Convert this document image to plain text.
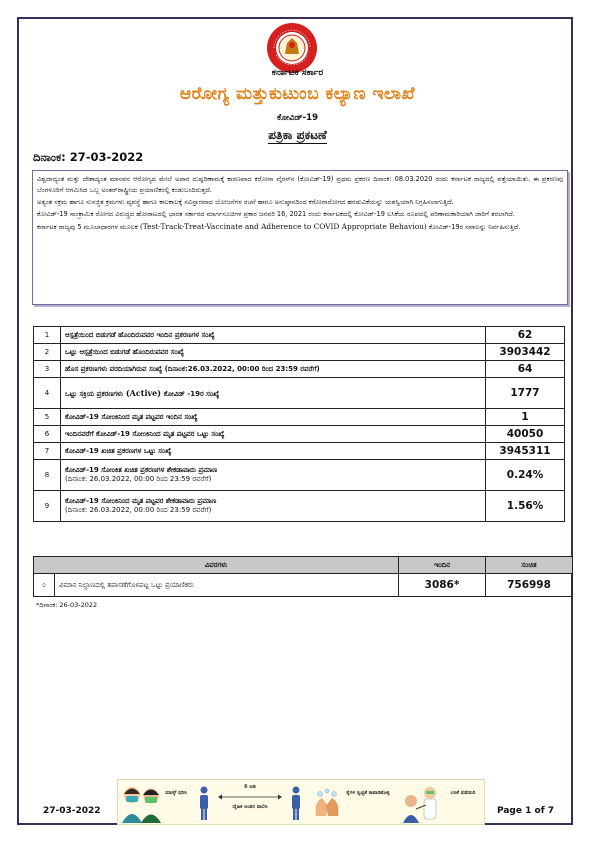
ಕರ್ನಾಟಕ ಸರ್ಕಾರ
ಆರೋಗ್ಯ ಮತ್ತುಕುಟುಂಬ ಕಲ್ಯಾಣ ಇಲಾಖೆ
ಕೋವಿಡ್-19
ಪತ್ರಿಕಾ ಪ್ರಕಟಣೆ
ದಿನಾಂಕ: 27-03-2022

ವಿಶ್ವದಾದ್ಯಂತ ಮತ್ತು ದೇಶಾದ್ಯಂತ ಮಾನವನ ಆರೋಗ್ಯದ ಮೇಲೆ ಅಪಾರ ದುಷ್ಪರಿಣಾಮಕ್ಕೆ ಕಾರಣವಾದ ಕರೋನಾ ವೈರಸ್‌ನ (ಕೋವಿಡ್-19) ಪ್ರಥಮ ಪ್ರಕರಣ ದಿನಾಂಕ: 08.03.2020 ರಂದು ಕರ್ನಾಟಕ ರಾಜ್ಯದಲ್ಲಿ ಪತ್ತೆಯಾಯಿತು. ಈ ಪ್ರಕರಣವು ಬೆಂಗಳೂರಿಗೆ ಆಗಮಿಸಿದ ಒಬ್ಬ ಅಂತರ್‌ರಾಷ್ಟ್ರೀಯ ಪ್ರಯಾಣಿಕರಲ್ಲಿ ಕಂಡುಬಂದಿರುತ್ತದೆ.

ಅತ್ಯಂತ ಸಕ್ರಮ ಹಾಗೂ ಸುಸಜ್ಜಿತ ಕ್ರಮಗಳು ವ್ಯವಸ್ಥೆ ಹಾಗೂ ಕಾಲಕಾಲಕ್ಕೆ ಸವಿಸ್ತಾರವಾದ ಯೋಜನೆಗಳ ರಚನೆ ಹಾಗೂ ಅನುಷ್ಠಾನದಿಂದ ಕರೋನಾರೋಗದ ಹರಡುವಿಕೆಯನ್ನು ಯಶಸ್ವಿಯಾಗಿ ನಿಗ್ರಹಿಸಲಾಗುತ್ತಿದೆ.

ಕೋವಿಡ್-19 ಸಾಂಕ್ರಾಮಿಕ ರೋಗದ ವಿರುದ್ಧದ ಹೋರಾಟದಲ್ಲಿ ಭಾರತ ಸರ್ಕಾರದ ಮಾರ್ಗಸೂಚಿಗಳ ಪ್ರಕಾರ ಜನವರಿ 16, 2021 ರಂದು ಕರ್ನಾಟಕದಲ್ಲಿ ಕೋವಿಡ್-19 ಲಸಿಕೆಯ ರೂಪದಲ್ಲಿ ಪರಿಣಾಮಕಾರಿಯಾಗಿ ಜಾರಿಗೆ ತರಲಾಗಿದೆ.

ಕರ್ನಾಟಕ ರಾಜ್ಯವು 5 ಮೂಲಾಧಾರಗಳ ಮೂಲಕ (Test-Track-Treat-Vaccinate and Adherence to COVID Appropriate Behaviou) ಕೋವಿಡ್-19ರ ಸವಾಲನ್ನು ನಿರ್ವಹಿಸುತ್ತಿದೆ.

1	ಆಸ್ಪತ್ರೆಯಿಂದ ಬಿಡುಗಡೆ ಹೊಂದಿರುವವರ ಇಂದಿನ ಪ್ರಕರಣಗಳ ಸಂಖ್ಯೆ	62
2	ಒಟ್ಟು ಆಸ್ಪತ್ರೆಯಿಂದ ಬಿಡುಗಡೆ ಹೊಂದಿರುವವರ ಸಂಖ್ಯೆ	3903442
3	ಹೊಸ ಪ್ರಕರಣಗಳು ವರದಿಯಾಗಿರುವ ಸಂಖ್ಯೆ (ದಿನಾಂಕ:26.03.2022, 00:00 ರಿಂದ 23:59 ರವರೆಗೆ)	64
4	ಒಟ್ಟು ಸಕ್ರಿಯ ಪ್ರಕರಣಗಳು (Active) ಕೋವಿಡ್ -19ರ ಸಂಖ್ಯೆ	1777
5	ಕೋವಿಡ್-19 ಸೋಂಕಿನಿಂದ ಮೃತ ಪಟ್ಟವರ ಇಂದಿನ ಸಂಖ್ಯೆ	1
6	ಇಂದಿನವರೆಗೆ ಕೋವಿಡ್-19 ಸೋಂಕಿನಿಂದ ಮೃತ ಪಟ್ಟವರ ಒಟ್ಟು ಸಂಖ್ಯೆ	40050
7	ಕೋವಿಡ್-19 ಖಚಿತ ಪ್ರಕರಣಗಳ ಒಟ್ಟು ಸಂಖ್ಯೆ	3945311
8	ಕೋವಿಡ್-19 ಸೋಂಕಿತ ಖಚಿತ ಪ್ರಕರಣಗಳ ಶೇಕಡಾವಾರು ಪ್ರಮಾಣ
(ದಿನಾಂಕ: 26.03.2022, 00:00 ರಿಂದ 23:59 ರವರೆಗೆ)	0.24%
9	ಕೋವಿಡ್-19 ಸೋಂಕಿನಿಂದ ಮೃತ ಪಟ್ಟವರ ಶೇಕಡಾವಾರು ಪ್ರಮಾಣ
(ದಿನಾಂಕ: 26.03.2022, 00:00 ರಿಂದ 23:59 ರವರೆಗೆ)	1.56%
ವಿವರಗಳು		ಇಂದಿನ	ಸಂಚಿತ
೦	ವಿಮಾನ ನಿಲ್ದಾಣದಲ್ಲಿ ತಪಾಸಣೆಗೊಳಪಟ್ಟ ಒಟ್ಟು ಪ್ರಯಾಣಿಕರು	3086*	756998
*ದಿನಾಂಕ: 26-03-2022
ಮಾಸ್ಕ್ ಧರಿಸಿ
6 ಅಡಿ
ದೈಹಿಕ ಅಂತರ ಪಾಲಿಸಿ
ಕೈಗಳ ಸ್ವಚ್ಛತೆ ಕಾಪಾಡಿಕೊಳ್ಳಿ	ಲಸಿಕೆ ಪಡೆಯಿರಿ
27-03-2022	Page 1 of 7
